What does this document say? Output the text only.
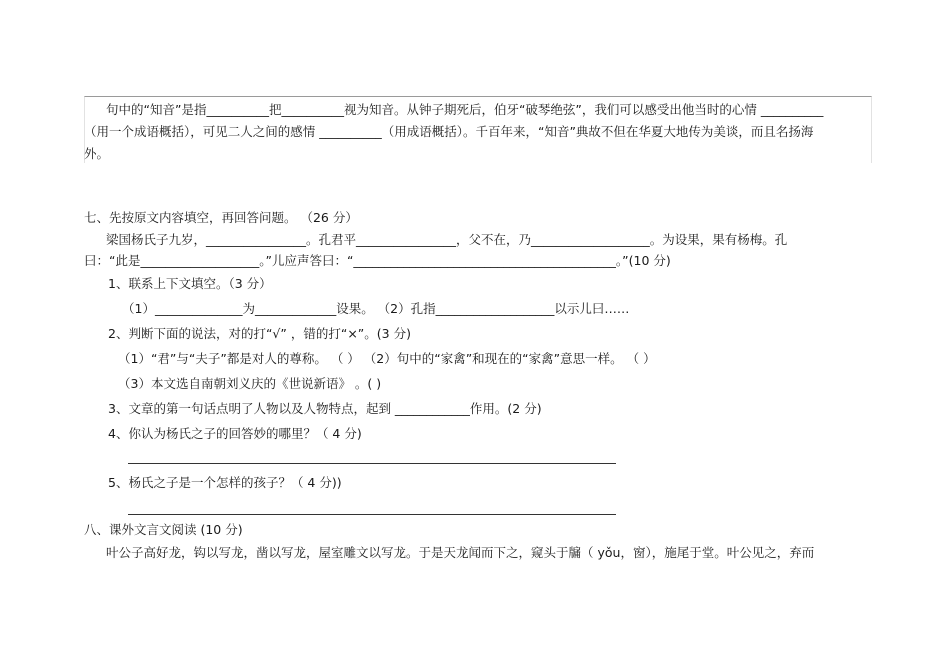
句中的“知音”是指__________把__________视为知音。从钟子期死后，伯牙“破琴绝弦”，我们可以感受出他当时的心情 __________
（用一个成语概括），可见二人之间的感情 __________（用成语概括）。千百年来，“知音”典故不但在华夏大地传为美谈，而且名扬海
外。
七、先按原文内容填空，再回答问题。 （26 分）
梁国杨氏子九岁，________________。孔君平________________，父不在，乃___________________。为设果，果有杨梅。孔
曰：“此是___________________。”儿应声答曰：“__________________________________________。”(10 分)
1、联系上下文填空。（3 分）
（1）______________为_____________设果。 （2）孔指___________________以示儿曰……
2、判断下面的说法，对的打“√” ，错的打“×”。(3 分)
（1）“君”与“夫子”都是对人的尊称。 （ ） （2）句中的“家禽”和现在的“家禽”意思一样。 （ ）
（3）本文选自南朝刘义庆的《世说新语》 。( )
3、文章的第一句话点明了人物以及人物特点，起到 ____________作用。(2 分)
4、你认为杨氏之子的回答妙的哪里？（ 4 分)
5、杨氏之子是一个怎样的孩子？（ 4 分))
八、课外文言文阅读 (10 分)
叶公子高好龙，钩以写龙，凿以写龙，屋室雕文以写龙。于是天龙闻而下之，窥头于牖（ yǒu，窗），施尾于堂。叶公见之，弃而
